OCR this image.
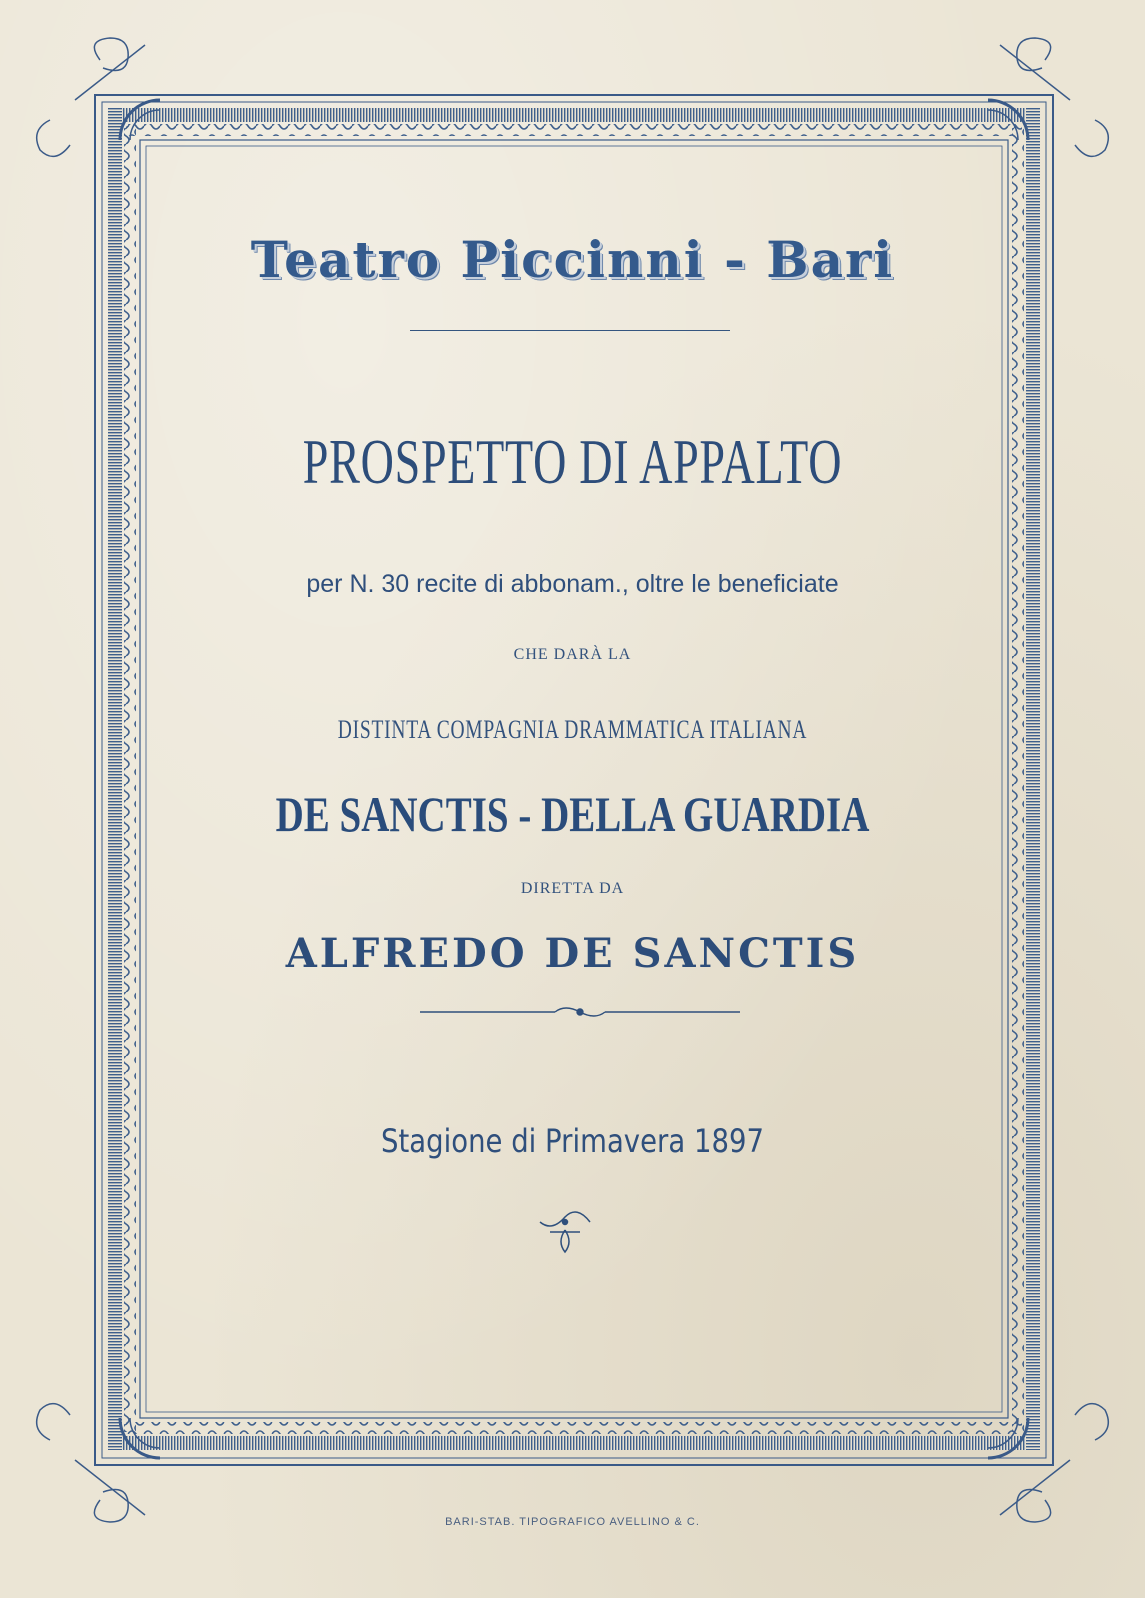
Teatro Piccinni - Bari
PROSPETTO DI APPALTO
per N. 30 recite di abbonam., oltre le beneficiate
CHE DARÀ LA
DISTINTA COMPAGNIA DRAMMATICA ITALIANA
DE SANCTIS - DELLA GUARDIA
DIRETTA DA
ALFREDO DE SANCTIS
Stagione di Primavera 1897
BARI-STAB. TIPOGRAFICO AVELLINO & C.
